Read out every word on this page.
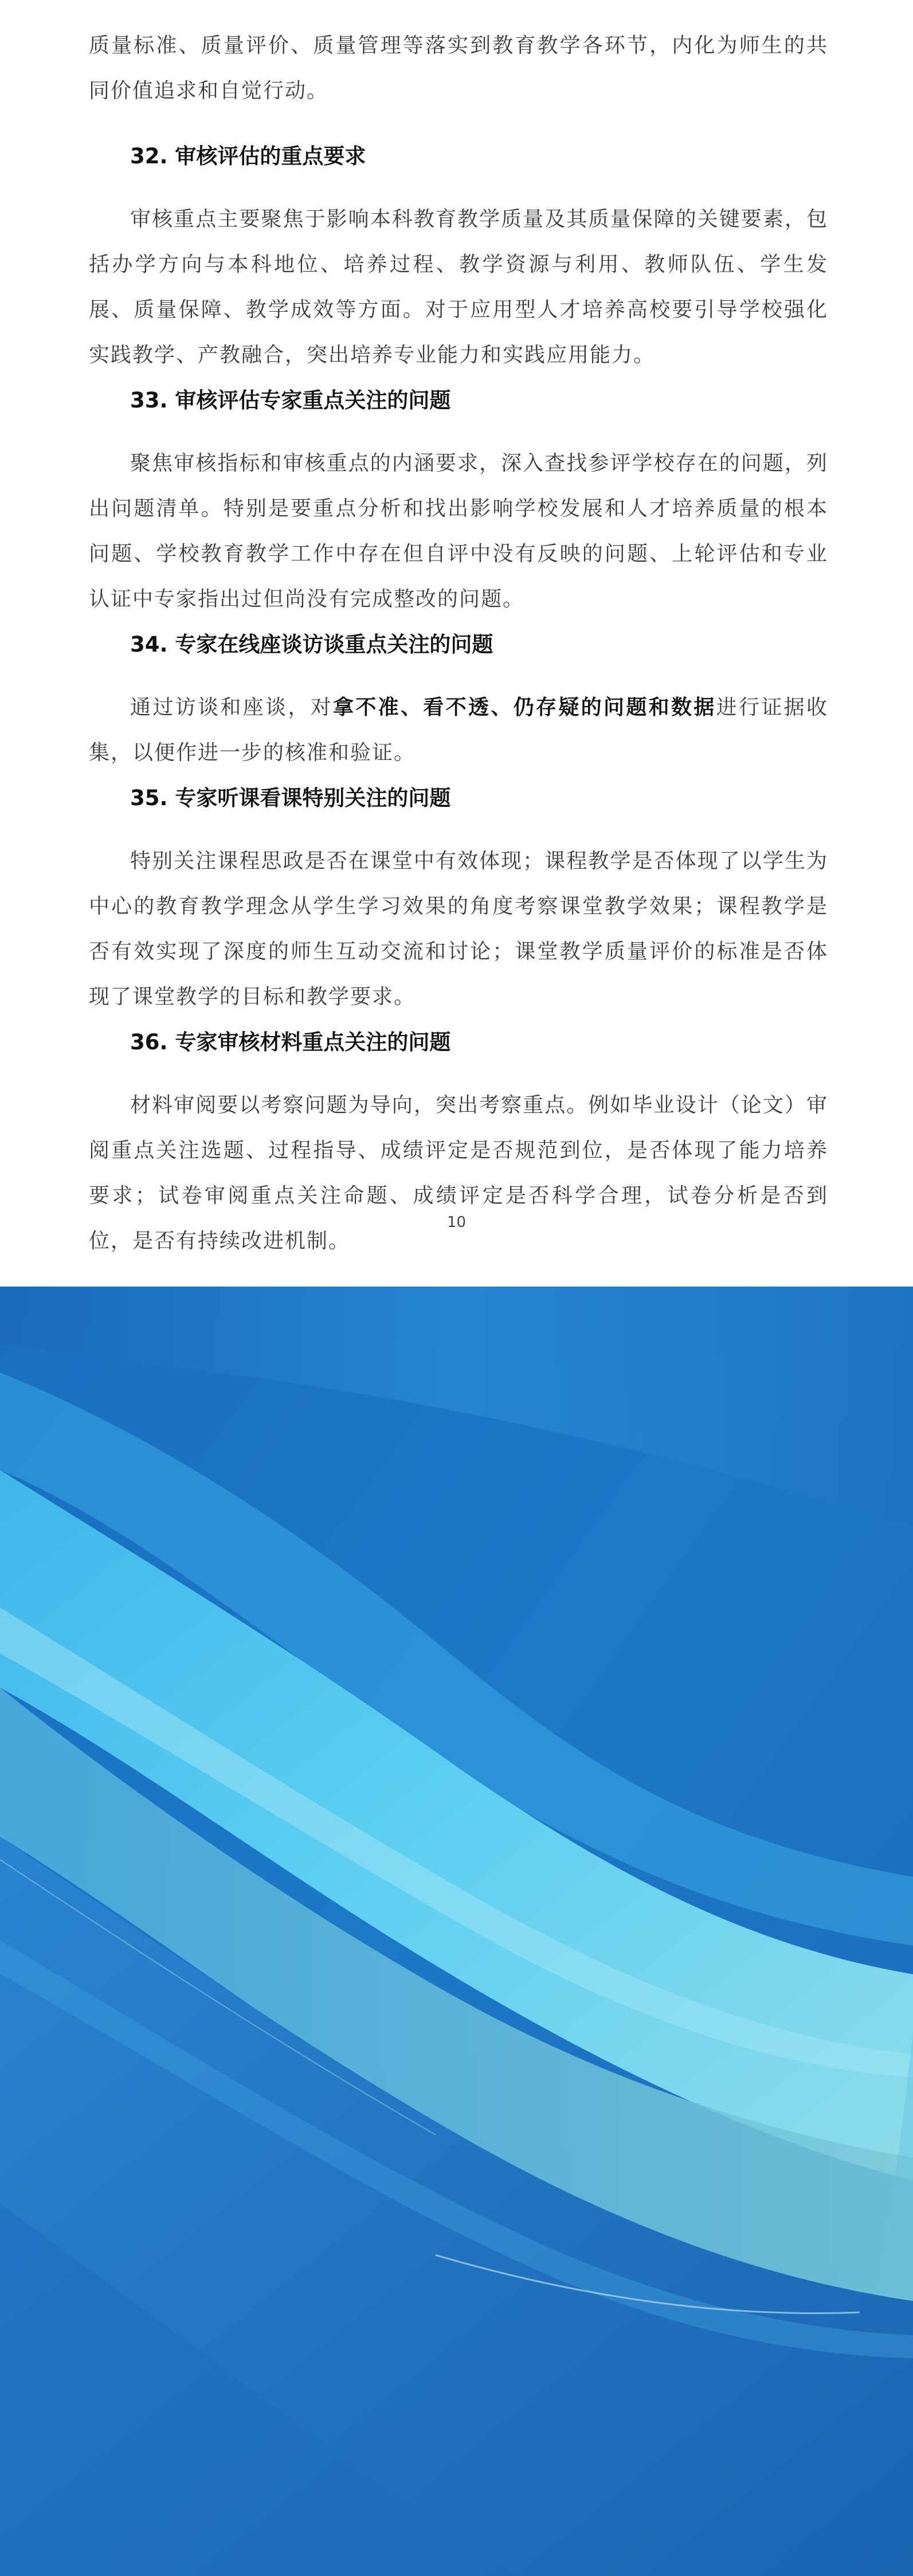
质量标准、质量评价、质量管理等落实到教育教学各环节，内化为师生的共同价值追求和自觉行动。

32. 审核评估的重点要求

审核重点主要聚焦于影响本科教育教学质量及其质量保障的关键要素，包括办学方向与本科地位、培养过程、教学资源与利用、教师队伍、学生发展、质量保障、教学成效等方面。对于应用型人才培养高校要引导学校强化实践教学、产教融合，突出培养专业能力和实践应用能力。

33. 审核评估专家重点关注的问题

聚焦审核指标和审核重点的内涵要求，深入查找参评学校存在的问题，列出问题清单。特别是要重点分析和找出影响学校发展和人才培养质量的根本问题、学校教育教学工作中存在但自评中没有反映的问题、上轮评估和专业认证中专家指出过但尚没有完成整改的问题。

34. 专家在线座谈访谈重点关注的问题

通过访谈和座谈，对拿不准、看不透、仍存疑的问题和数据进行证据收集，以便作进一步的核准和验证。

35. 专家听课看课特别关注的问题

特别关注课程思政是否在课堂中有效体现；课程教学是否体现了以学生为中心的教育教学理念从学生学习效果的角度考察课堂教学效果；课程教学是否有效实现了深度的师生互动交流和讨论；课堂教学质量评价的标准是否体现了课堂教学的目标和教学要求。

36. 专家审核材料重点关注的问题

材料审阅要以考察问题为导向，突出考察重点。例如毕业设计（论文）审阅重点关注选题、过程指导、成绩评定是否规范到位，是否体现了能力培养要求；试卷审阅重点关注命题、成绩评定是否科学合理，试卷分析是否到位，是否有持续改进机制。

10
